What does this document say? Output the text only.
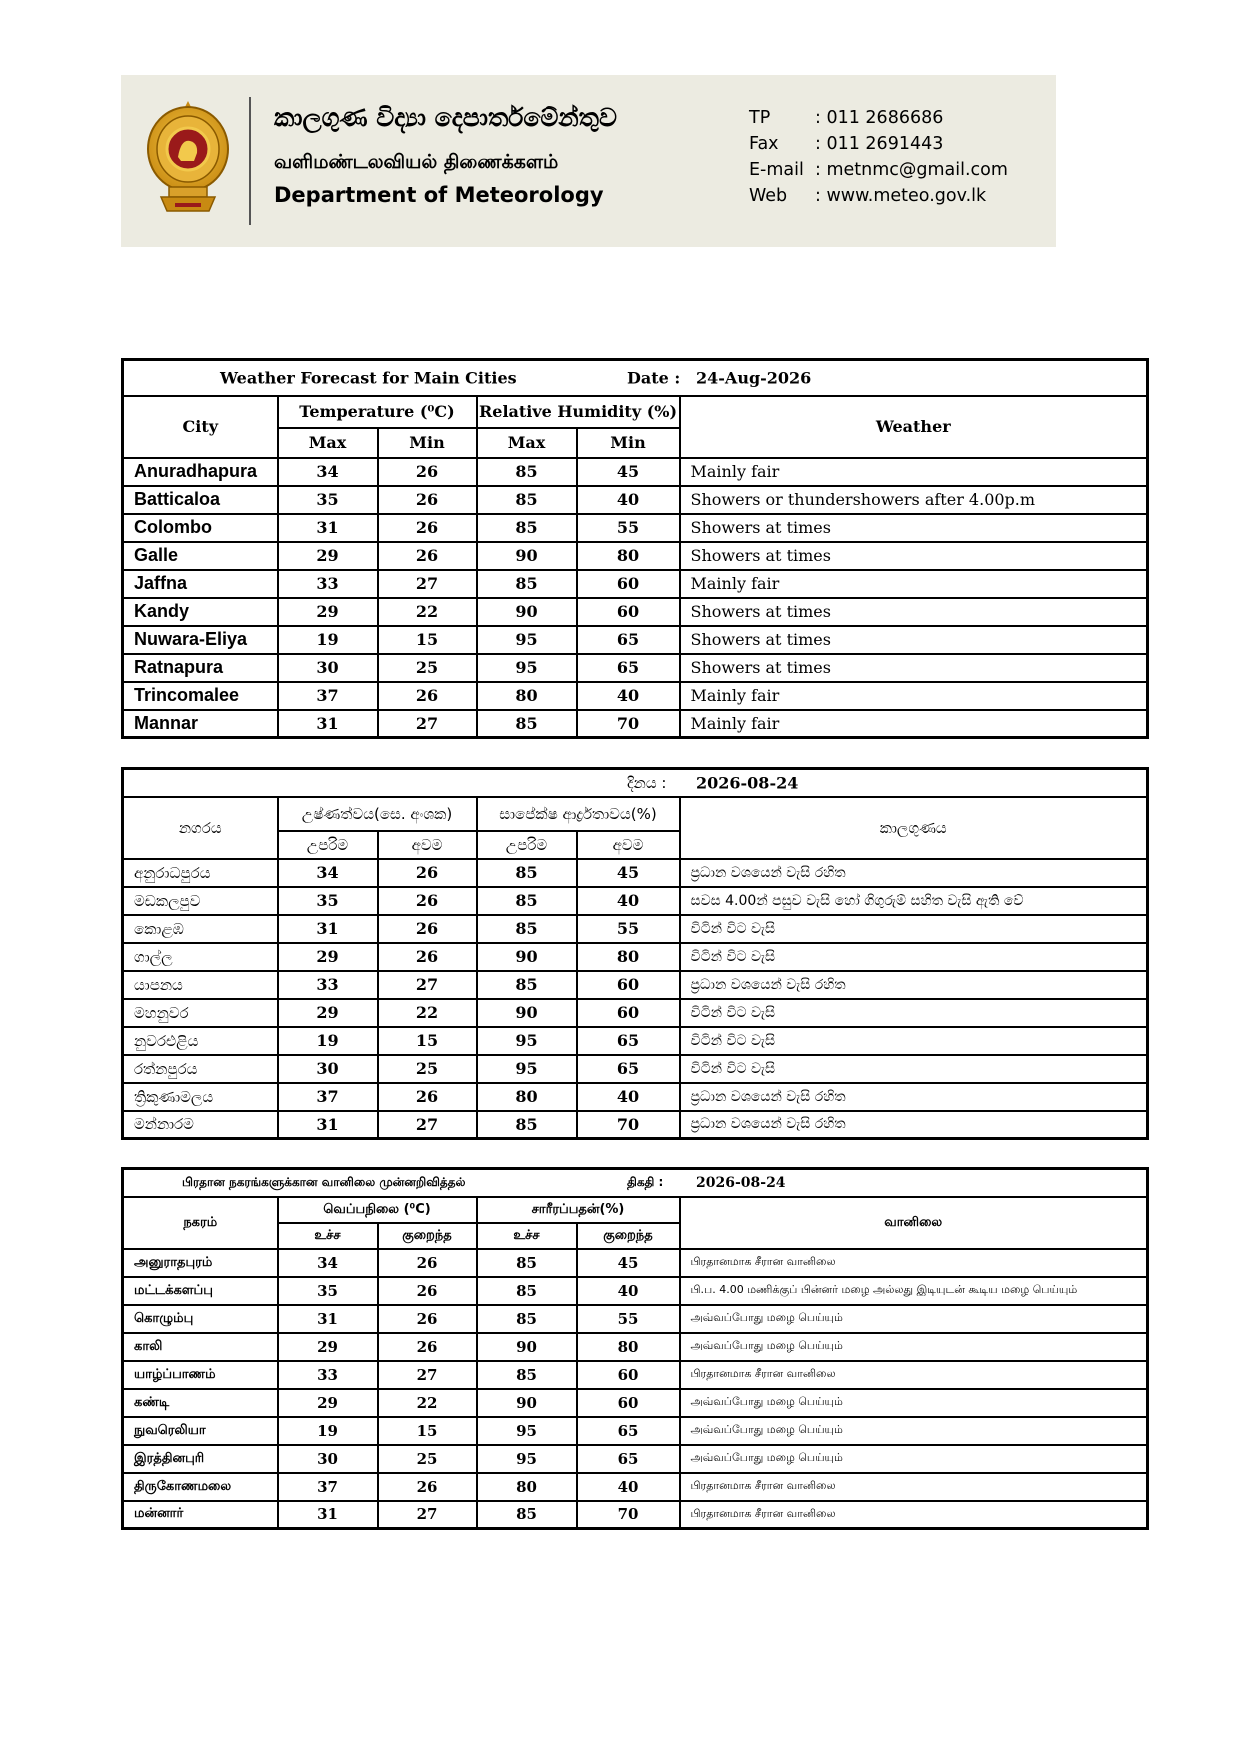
කාලගුණ විද්‍යා දෙපාර්තමේන්තුව
வளிமண்டலவியல் திணைக்களம்
Department of Meteorology
TP	: 011 2686686
Fax	: 011 2691443
E-mail : metnmc@gmail.com
Web	: www.meteo.gov.lk
Weather Forecast for Main Cities Date : 24-Aug-2026					

City	Temperature (⁰C)		Relative Humidity (%)		Weather
	Max	Min	Max	Min	
Anuradhapura	34	26	85	45	Mainly fair
Batticaloa	35	26	85	40	Showers or thundershowers after 4.00p.m
Colombo	31	26	85	55	Showers at times
Galle	29	26	90	80	Showers at times
Jaffna	33	27	85	60	Mainly fair
Kandy	29	22	90	60	Showers at times
Nuwara-Eliya	19	15	95	65	Showers at times
Ratnapura	30	25	95	65	Showers at times
Trincomalee	37	26	80	40	Mainly fair
Mannar	31	27	85	70	Mainly fair
දිනය : 2026-08-24					

නගරය	උෂ්ණත්වය(සෙ. අංශක)		සාපේක්ෂ ආර්ද්‍රතාවය(%)		කාලගුණය
	උපරිම	අවම	උපරිම	අවම	
අනුරාධපුරය	34	26	85	45	ප්‍රධාන වශයෙන් වැසි රහිත
මඩකලපුව	35	26	85	40	සවස 4.00න් පසුව වැසි හෝ ගිගුරුම් සහිත වැසි ඇති වේ
කොළඹ	31	26	85	55	විටින් විට වැසි
ගාල්ල	29	26	90	80	විටින් විට වැසි
යාපනය	33	27	85	60	ප්‍රධාන වශයෙන් වැසි රහිත
මහනුවර	29	22	90	60	විටින් විට වැසි
නුවරඑළිය	19	15	95	65	විටින් විට වැසි
රත්නපුරය	30	25	95	65	විටින් විට වැසි
ත්‍රිකුණාමලය	37	26	80	40	ප්‍රධාන වශයෙන් වැසි රහිත
මන්නාරම	31	27	85	70	ප්‍රධාන වශයෙන් වැසි රහිත
பிரதான நகரங்களுக்கான வானிலை முன்னறிவித்தல் திகதி : 2026-08-24					

நகரம்	வெப்பநிலை (⁰C)		சாரீரப்பதன்(%)		வானிலை
	உச்ச	குறைந்த	உச்ச	குறைந்த	
அனுராதபுரம்	34	26	85	45	பிரதானமாக சீரான வானிலை
மட்டக்களப்பு	35	26	85	40	பி.ப. 4.00 மணிக்குப் பின்னர் மழை அல்லது இடியுடன் கூடிய மழை பெய்யும்
கொழும்பு	31	26	85	55	அவ்வப்போது மழை பெய்யும்
காலி	29	26	90	80	அவ்வப்போது மழை பெய்யும்
யாழ்ப்பாணம்	33	27	85	60	பிரதானமாக சீரான வானிலை
கண்டி	29	22	90	60	அவ்வப்போது மழை பெய்யும்
நுவரெலியா	19	15	95	65	அவ்வப்போது மழை பெய்யும்
இரத்தினபுரி	30	25	95	65	அவ்வப்போது மழை பெய்யும்
திருகோணமலை	37	26	80	40	பிரதானமாக சீரான வானிலை
மன்னார்	31	27	85	70	பிரதானமாக சீரான வானிலை
